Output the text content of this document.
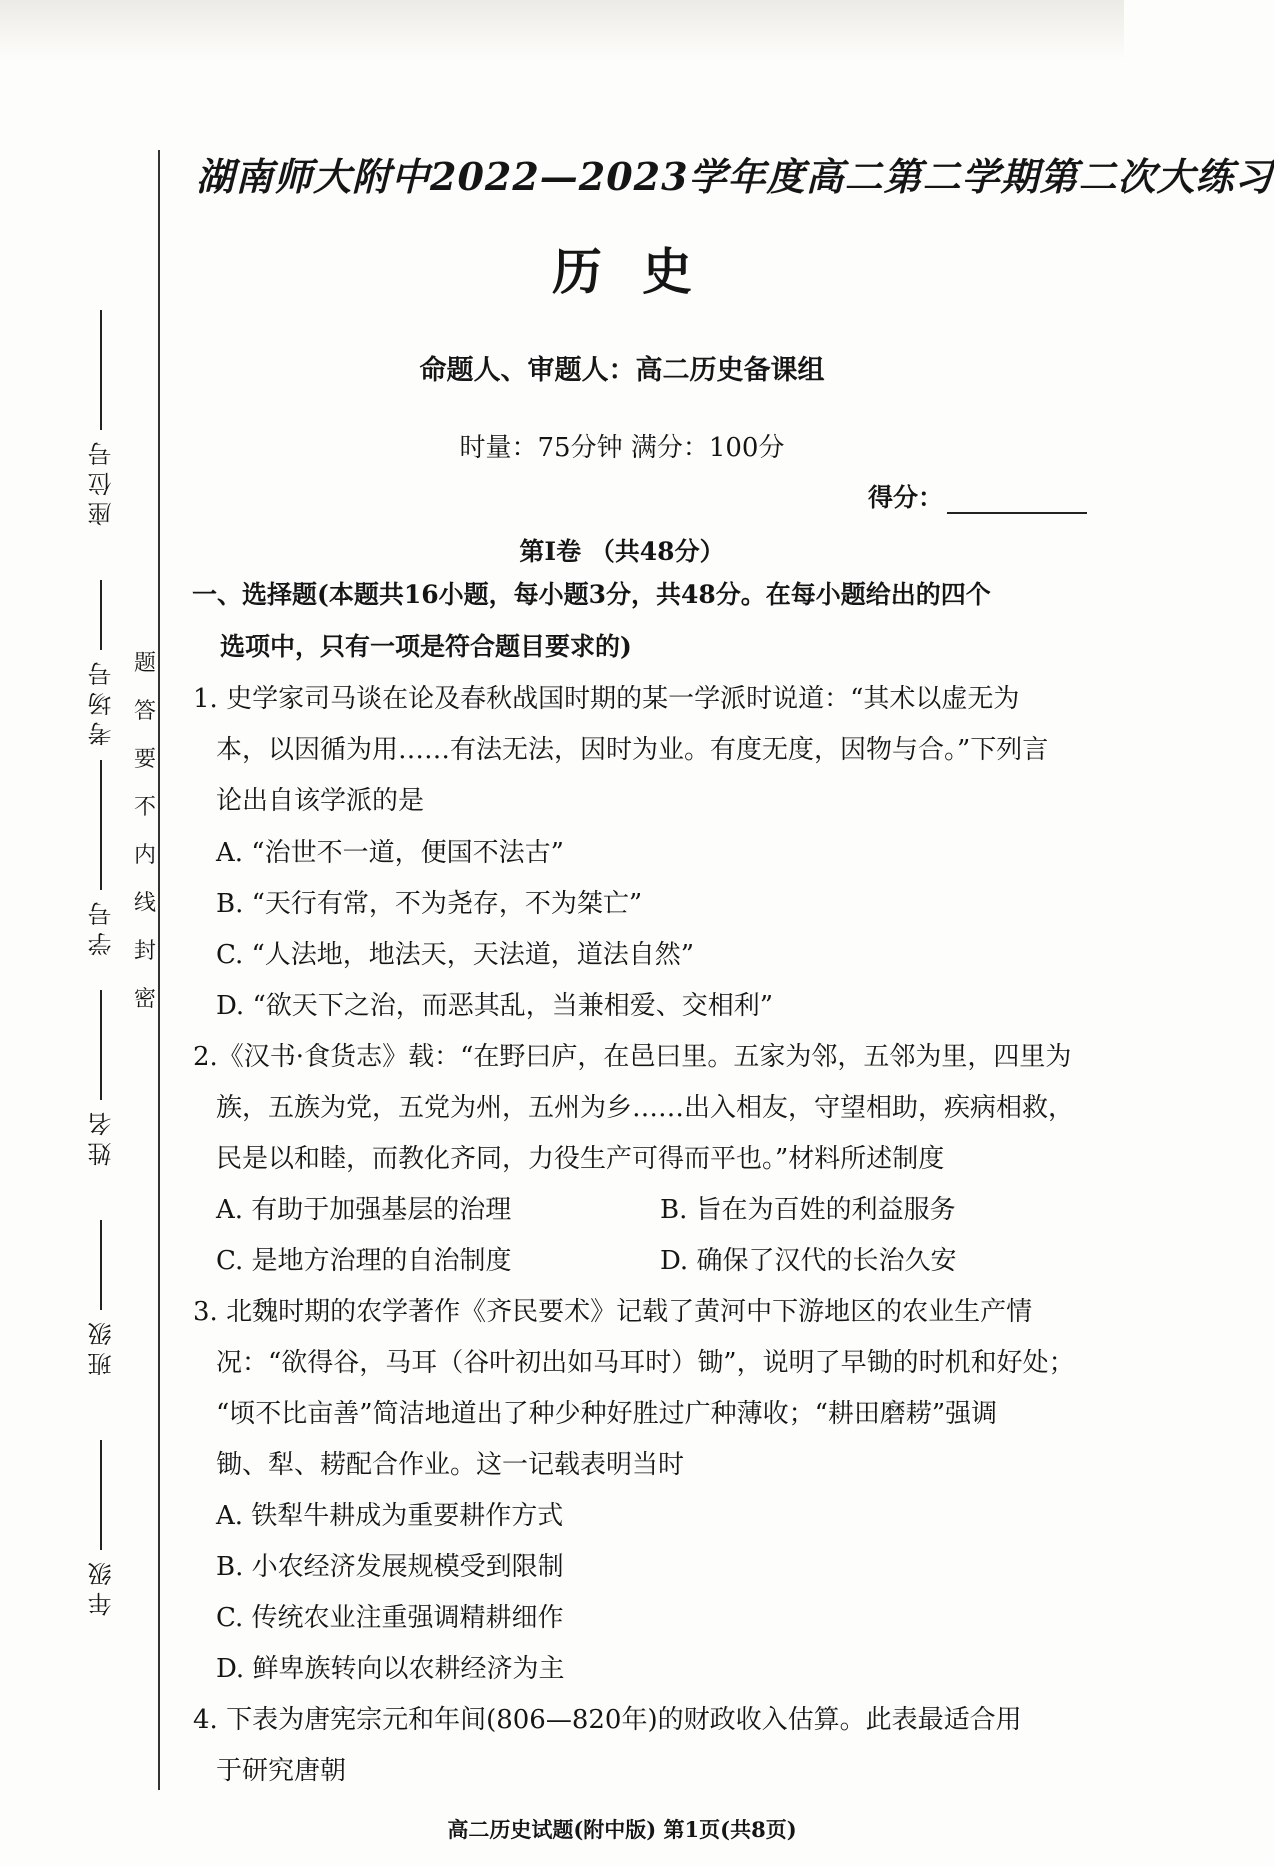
座位号
考场号
学号
姓名
班级
年级
题
答
要
不
内
线
封
密
湖南师大附中2022—2023学年度高二第二学期第二次大练习
历史
命题人、审题人：高二历史备课组
时量：75分钟 满分：100分
得分：
第Ⅰ卷 （共48分）
一、选择题(本题共16小题，每小题3分，共48分。在每小题给出的四个
选项中，只有一项是符合题目要求的)
1. 史学家司马谈在论及春秋战国时期的某一学派时说道：“其术以虚无为
本，以因循为用……有法无法，因时为业。有度无度，因物与合。”下列言
论出自该学派的是
A. “治世不一道，便国不法古”
B. “天行有常，不为尧存，不为桀亡”
C. “人法地，地法天，天法道，道法自然”
D. “欲天下之治，而恶其乱，当兼相爱、交相利”
2.《汉书·食货志》载：“在野曰庐，在邑曰里。五家为邻，五邻为里，四里为
族，五族为党，五党为州，五州为乡……出入相友，守望相助，疾病相救，
民是以和睦，而教化齐同，力役生产可得而平也。”材料所述制度
A. 有助于加强基层的治理	B. 旨在为百姓的利益服务
C. 是地方治理的自治制度	D. 确保了汉代的长治久安
3. 北魏时期的农学著作《齐民要术》记载了黄河中下游地区的农业生产情
况：“欲得谷，马耳（谷叶初出如马耳时）锄”，说明了早锄的时机和好处；
“顷不比亩善”简洁地道出了种少种好胜过广种薄收；“耕田磨耢”强调
锄、犁、耢配合作业。这一记载表明当时
A. 铁犁牛耕成为重要耕作方式
B. 小农经济发展规模受到限制
C. 传统农业注重强调精耕细作
D. 鲜卑族转向以农耕经济为主
4. 下表为唐宪宗元和年间(806—820年)的财政收入估算。此表最适合用
于研究唐朝
高二历史试题(附中版) 第1页(共8页)
